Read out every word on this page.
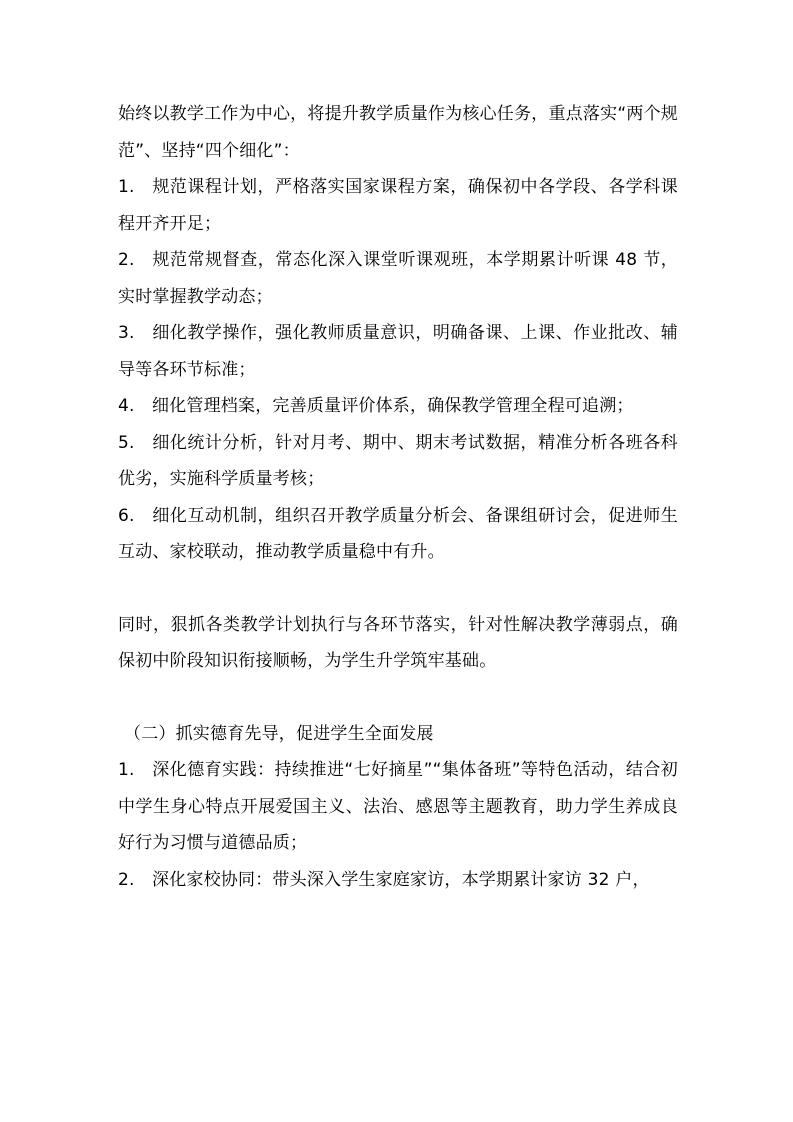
始终以教学工作为中心，将提升教学质量作为核心任务，重点落实“两个规范”、坚持“四个细化”：

1. 规范课程计划，严格落实国家课程方案，确保初中各学段、各学科课程开齐开足；

2. 规范常规督查，常态化深入课堂听课观班，本学期累计听课 48 节，实时掌握教学动态；

3. 细化教学操作，强化教师质量意识，明确备课、上课、作业批改、辅导等各环节标准；

4. 细化管理档案，完善质量评价体系，确保教学管理全程可追溯；

5. 细化统计分析，针对月考、期中、期末考试数据，精准分析各班各科优劣，实施科学质量考核；

6. 细化互动机制，组织召开教学质量分析会、备课组研讨会，促进师生互动、家校联动，推动教学质量稳中有升。

同时，狠抓各类教学计划执行与各环节落实，针对性解决教学薄弱点，确保初中阶段知识衔接顺畅，为学生升学筑牢基础。

（二）抓实德育先导，促进学生全面发展

1. 深化德育实践：持续推进“七好摘星”“集体备班”等特色活动，结合初中学生身心特点开展爱国主义、法治、感恩等主题教育，助力学生养成良好行为习惯与道德品质；

2. 深化家校协同：带头深入学生家庭家访，本学期累计家访 32 户，
